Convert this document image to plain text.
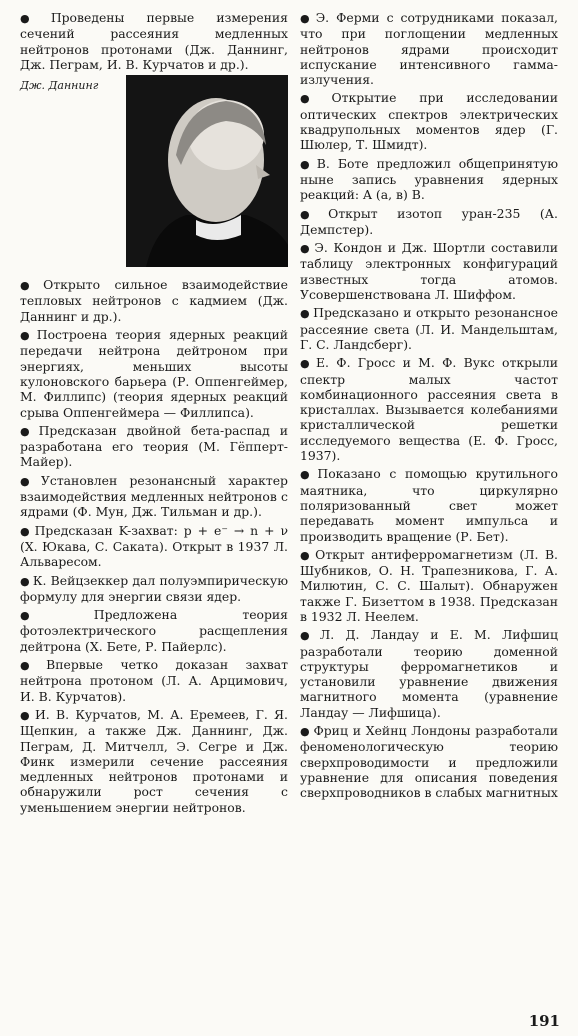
● Проведены первые измерения сечений рассеяния медленных нейтронов протонами (Дж. Даннинг, Дж. Пеграм, И. В. Курчатов и др.).

Дж. Даннинг

● Открыто сильное взаимодействие тепловых нейтронов с кадмием (Дж. Даннинг и др.).

● Построена теория ядерных реакций передачи нейтрона дейтроном при энергиях, меньших высоты кулоновского барьера (Р. Оппенгеймер, М. Филлипс) (теория ядерных реакций срыва Оппенгеймера — Филлипса).

● Предсказан двойной бета-распад и разработана его теория (М. Гёпперт-Майер).

● Установлен резонансный характер взаимодействия медленных нейтронов с ядрами (Ф. Мун, Дж. Тильман и др.).

● Предсказан K-захват: p + e⁻ → n + ν (Х. Юкава, С. Саката). Открыт в 1937 Л. Альваресом.

● К. Вейцзеккер дал полуэмпирическую формулу для энергии связи ядер.

● Предложена теория фотоэлектрического расщепления дейтрона (Х. Бете, Р. Пайерлс).

● Впервые четко доказан захват нейтрона протоном (Л. А. Арцимович, И. В. Курчатов).

● И. В. Курчатов, М. А. Еремеев, Г. Я. Щепкин, а также Дж. Даннинг, Дж. Пеграм, Д. Митчелл, Э. Сегре и Дж. Финк измерили сечение рассеяния медленных нейтронов протонами и обнаружили рост сечения с уменьшением энергии нейтронов.

● Э. Ферми с сотрудниками показал, что при поглощении медленных нейтронов ядрами происходит испускание интенсивного гамма-излучения.

● Открытие при исследовании оптических спектров электрических квадрупольных моментов ядер (Г. Шюлер, Т. Шмидт).

● В. Боте предложил общепринятую ныне запись уравнения ядерных реакций: A (a, в) B.

● Открыт изотоп уран-235 (А. Демпстер).

● Э. Кондон и Дж. Шортли составили таблицу электронных конфигураций известных тогда атомов. Усовершенствована Л. Шиффом.

● Предсказано и открыто резонансное рассеяние света (Л. И. Мандельштам, Г. С. Ландсберг).

● Е. Ф. Гросс и М. Ф. Вукс открыли спектр малых частот комбинационного рассеяния света в кристаллах. Вызывается колебаниями кристаллической решетки исследуемого вещества (Е. Ф. Гросс, 1937).

● Показано с помощью крутильного маятника, что циркулярно поляризованный свет может передавать момент импульса и производить вращение (Р. Бет).

● Открыт антиферромагнетизм (Л. В. Шубников, О. Н. Трапезникова, Г. А. Милютин, С. С. Шалыт). Обнаружен также Г. Бизеттом в 1938. Предсказан в 1932 Л. Неелем.

● Л. Д. Ландау и Е. М. Лифшиц разработали теорию доменной структуры ферромагнетиков и установили уравнение движения магнитного момента (уравнение Ландау — Лифшица).

● Фриц и Хейнц Лондоны разработали феноменологическую теорию сверхпроводимости и предложили уравнение для описания поведения сверхпроводников в слабых магнитных

191
